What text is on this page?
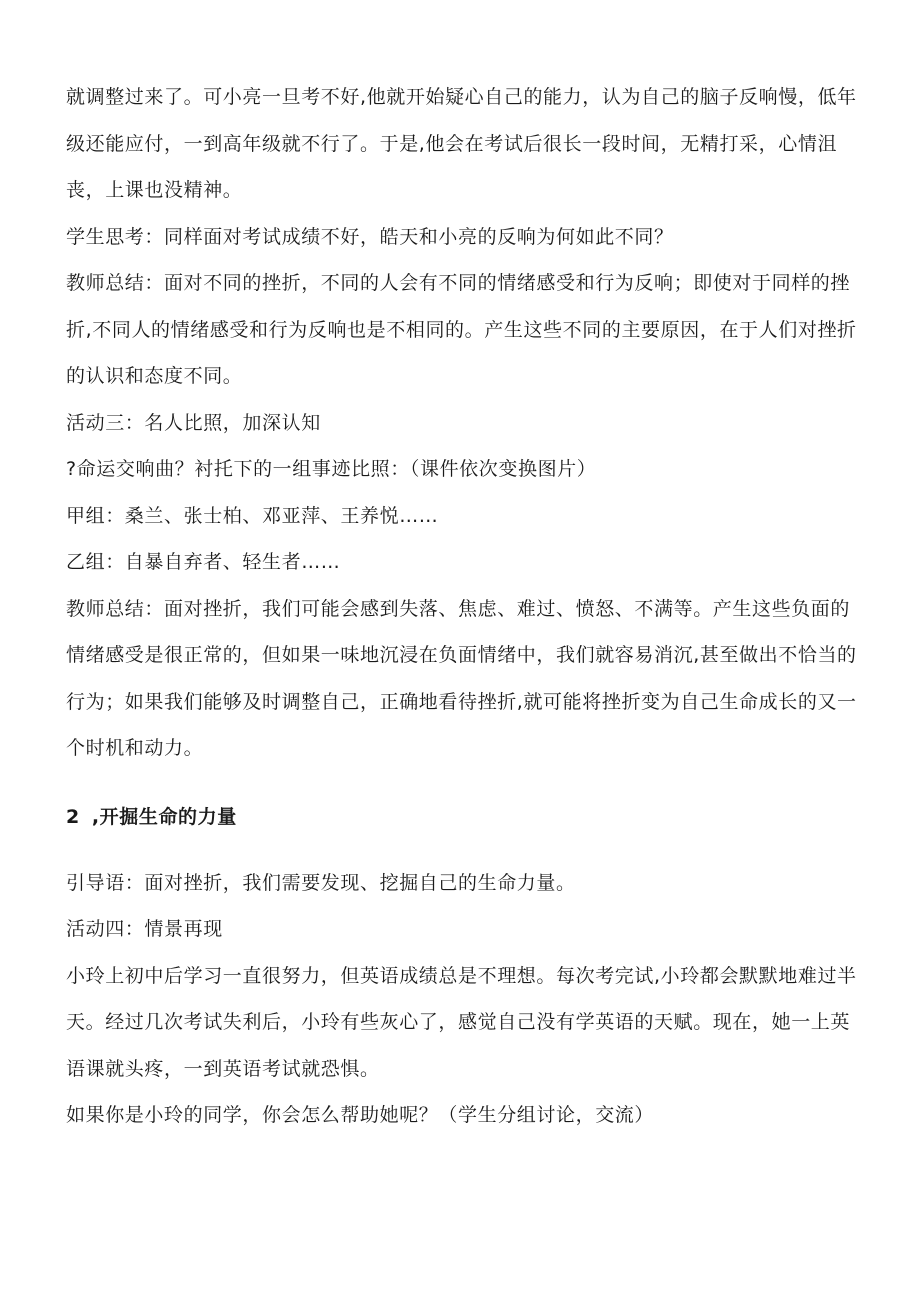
就调整过来了。可小亮一旦考不好,他就开始疑心自己的能力，认为自己的脑子反响慢，低年级还能应付，一到高年级就不行了。于是,他会在考试后很长一段时间，无精打采，心情沮丧，上课也没精神。

学生思考：同样面对考试成绩不好，皓天和小亮的反响为何如此不同？

教师总结：面对不同的挫折，不同的人会有不同的情绪感受和行为反响；即使对于同样的挫折,不同人的情绪感受和行为反响也是不相同的。产生这些不同的主要原因，在于人们对挫折的认识和态度不同。

活动三：名人比照，加深认知

?命运交响曲？衬托下的一组事迹比照：（课件依次变换图片）

甲组：桑兰、张士柏、邓亚萍、王养悦……

乙组：自暴自弃者、轻生者……

教师总结：面对挫折，我们可能会感到失落、焦虑、难过、愤怒、不满等。产生这些负面的情绪感受是很正常的，但如果一味地沉浸在负面情绪中，我们就容易消沉,甚至做出不恰当的行为；如果我们能够及时调整自己，正确地看待挫折,就可能将挫折变为自己生命成长的又一个时机和动力。

2 ,开掘生命的力量

引导语：面对挫折，我们需要发现、挖掘自己的生命力量。

活动四：情景再现

小玲上初中后学习一直很努力，但英语成绩总是不理想。每次考完试,小玲都会默默地难过半天。经过几次考试失利后，小玲有些灰心了，感觉自己没有学英语的天赋。现在，她一上英语课就头疼，一到英语考试就恐惧。

如果你是小玲的同学，你会怎么帮助她呢？（学生分组讨论，交流）
